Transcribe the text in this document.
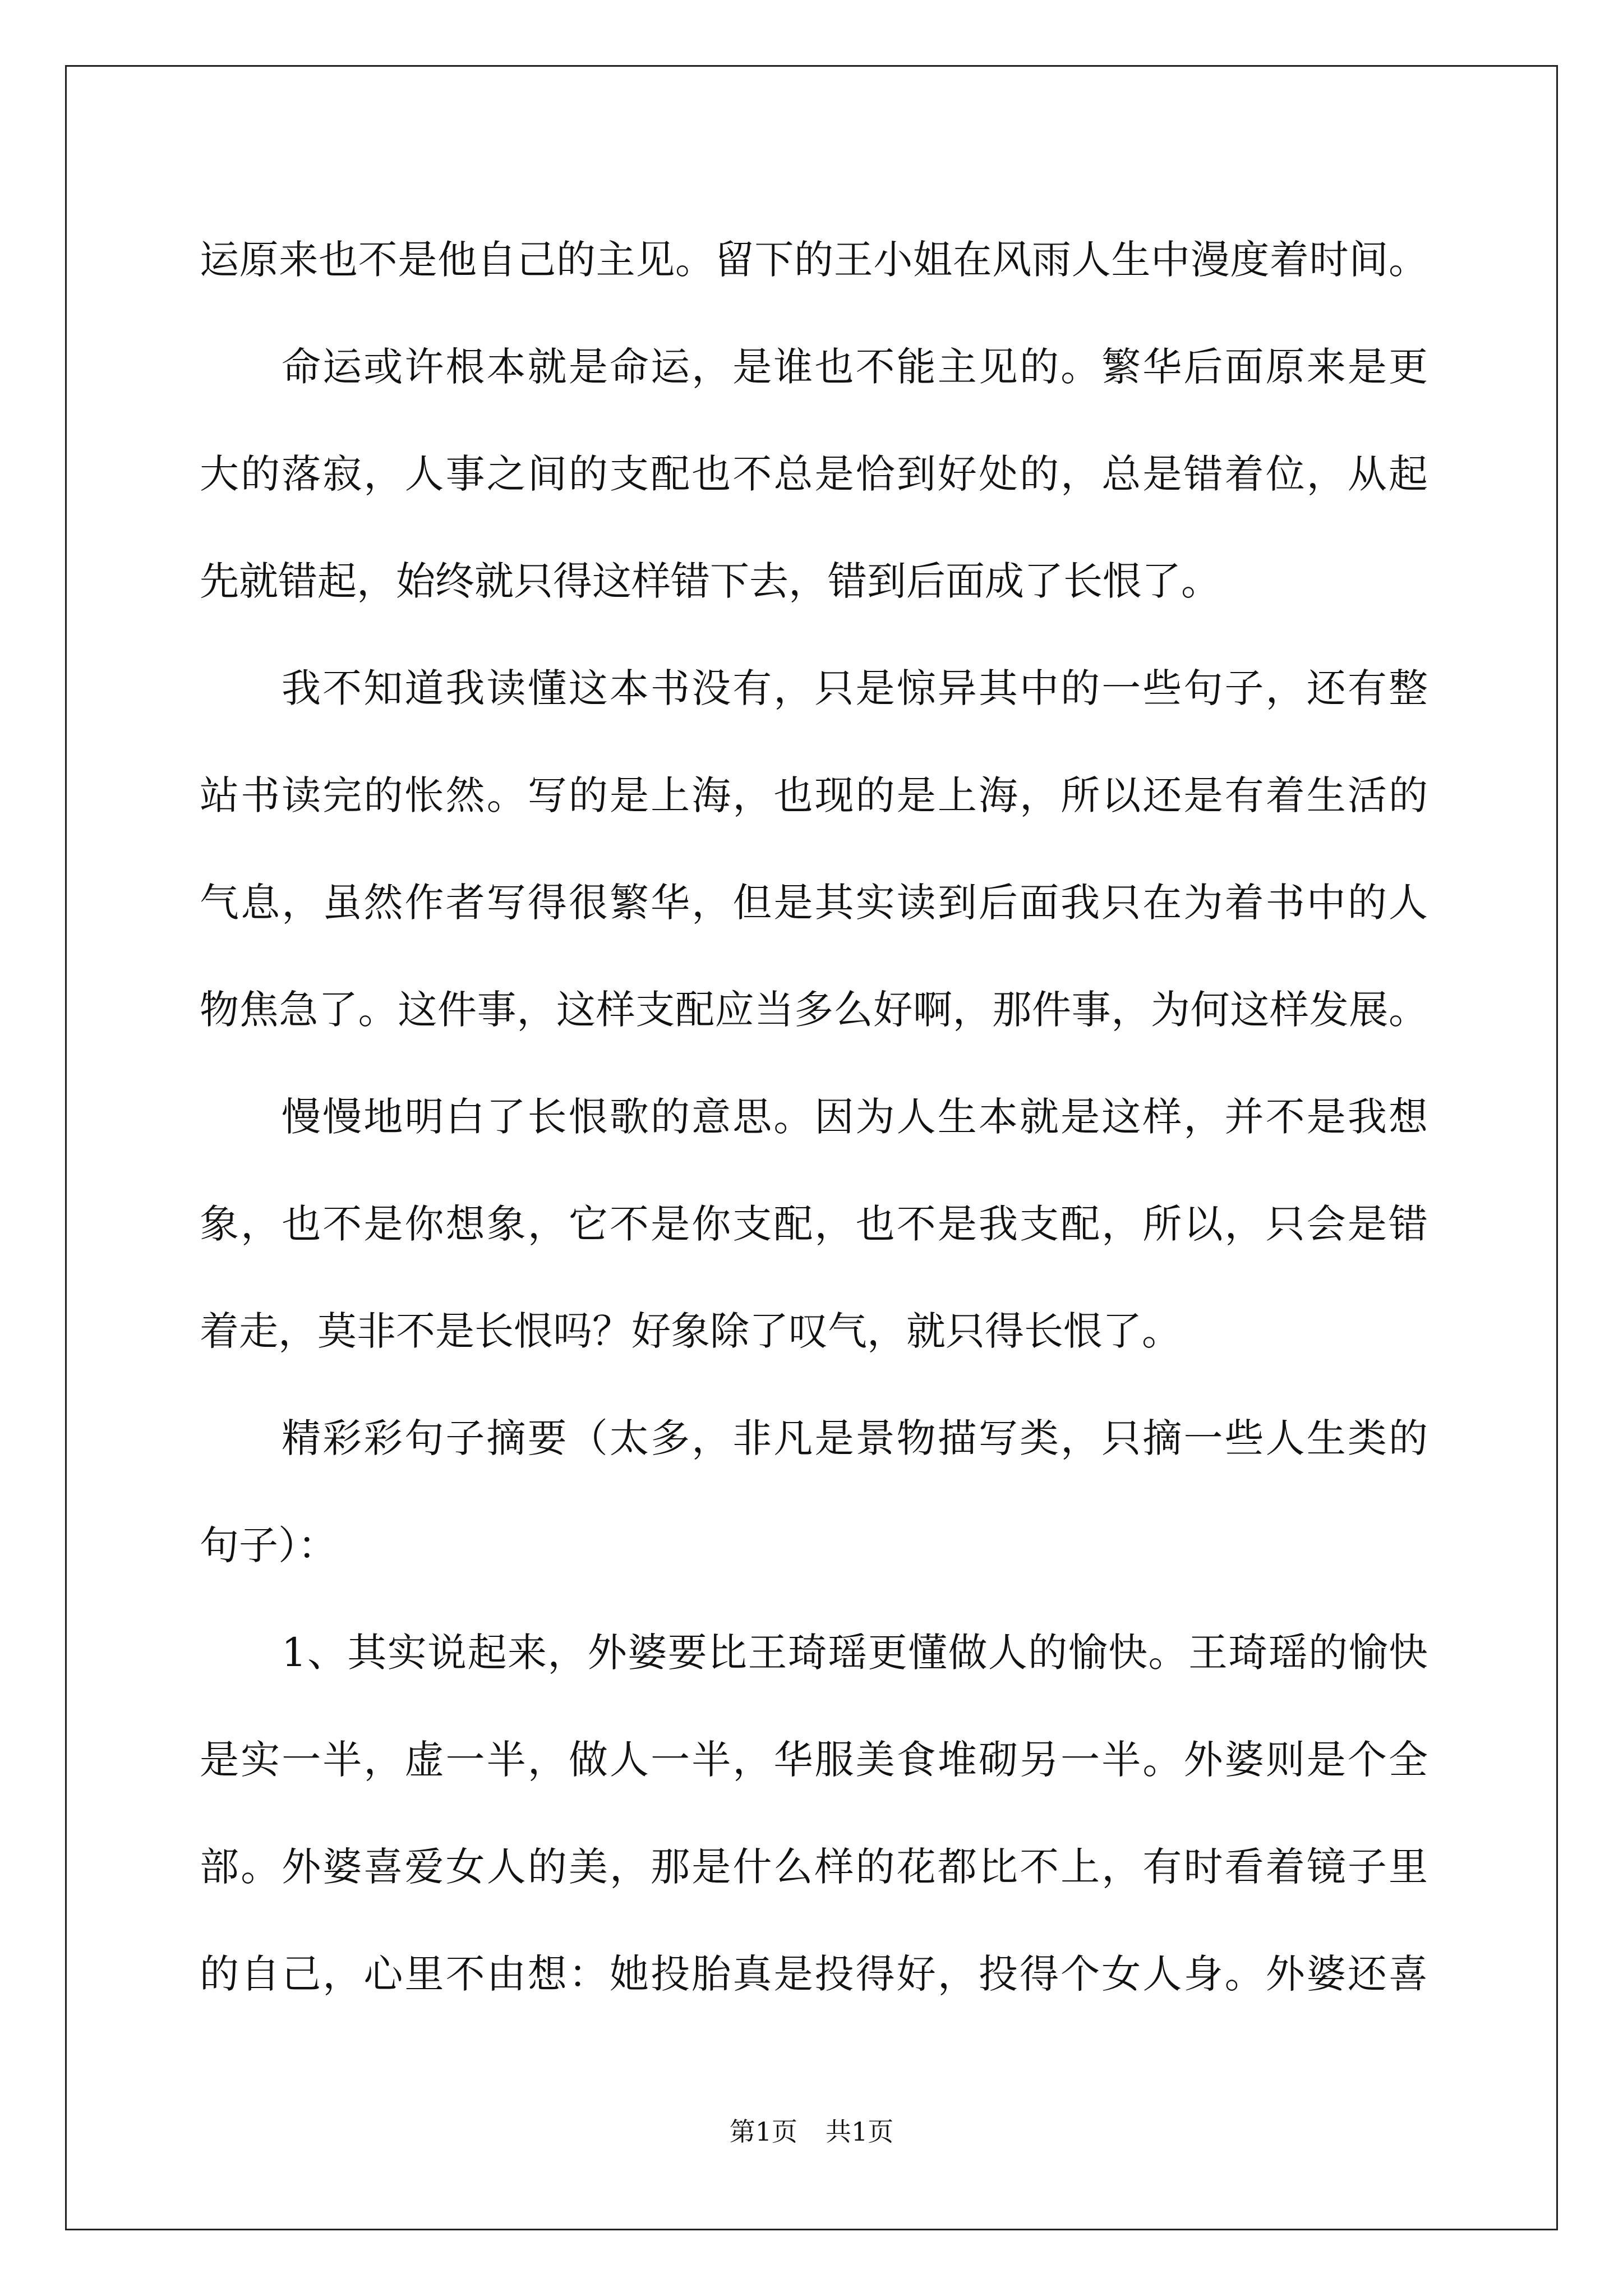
运原来也不是他自己的主见。留下的王小姐在风雨人生中漫度着时间。
命运或许根本就是命运，是谁也不能主见的。繁华后面原来是更
大的落寂，人事之间的支配也不总是恰到好处的，总是错着位，从起
先就错起，始终就只得这样错下去，错到后面成了长恨了。
我不知道我读懂这本书没有，只是惊异其中的一些句子，还有整
站书读完的怅然。写的是上海，也现的是上海，所以还是有着生活的
气息，虽然作者写得很繁华，但是其实读到后面我只在为着书中的人
物焦急了。这件事，这样支配应当多么好啊，那件事，为何这样发展。
慢慢地明白了长恨歌的意思。因为人生本就是这样，并不是我想
象，也不是你想象，它不是你支配，也不是我支配，所以，只会是错
着走，莫非不是长恨吗？好象除了叹气，就只得长恨了。
精彩彩句子摘要（太多，非凡是景物描写类，只摘一些人生类的
句子）：
1、其实说起来，外婆要比王琦瑶更懂做人的愉快。王琦瑶的愉快
是实一半，虚一半，做人一半，华服美食堆砌另一半。外婆则是个全
部。外婆喜爱女人的美，那是什么样的花都比不上，有时看着镜子里
的自己，心里不由想：她投胎真是投得好，投得个女人身。外婆还喜
第1页 共1页
